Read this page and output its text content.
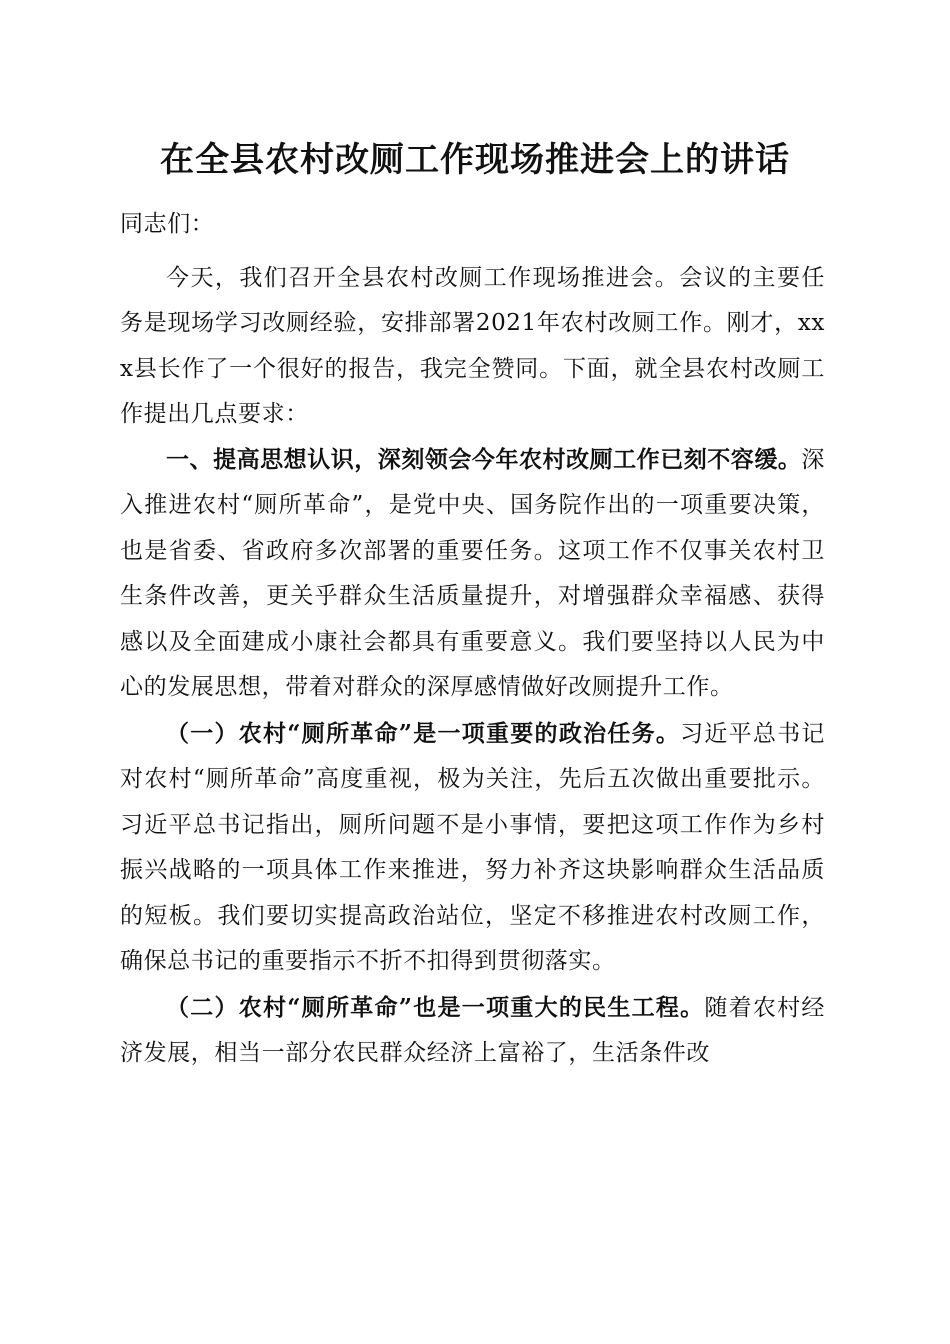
在全县农村改厕工作现场推进会上的讲话

同志们：

今天，我们召开全县农村改厕工作现场推进会。会议的主要任务是现场学习改厕经验，安排部署2021年农村改厕工作。刚才，xxx县长作了一个很好的报告，我完全赞同。下面，就全县农村改厕工作提出几点要求：

一、提高思想认识，深刻领会今年农村改厕工作已刻不容缓。深入推进农村“厕所革命”，是党中央、国务院作出的一项重要决策，也是省委、省政府多次部署的重要任务。这项工作不仅事关农村卫生条件改善，更关乎群众生活质量提升，对增强群众幸福感、获得感以及全面建成小康社会都具有重要意义。我们要坚持以人民为中心的发展思想，带着对群众的深厚感情做好改厕提升工作。

（一）农村“厕所革命”是一项重要的政治任务。习近平总书记对农村“厕所革命”高度重视，极为关注，先后五次做出重要批示。习近平总书记指出，厕所问题不是小事情，要把这项工作作为乡村振兴战略的一项具体工作来推进，努力补齐这块影响群众生活品质的短板。我们要切实提高政治站位，坚定不移推进农村改厕工作，确保总书记的重要指示不折不扣得到贯彻落实。

（二）农村“厕所革命”也是一项重大的民生工程。随着农村经济发展，相当一部分农民群众经济上富裕了，生活条件改
